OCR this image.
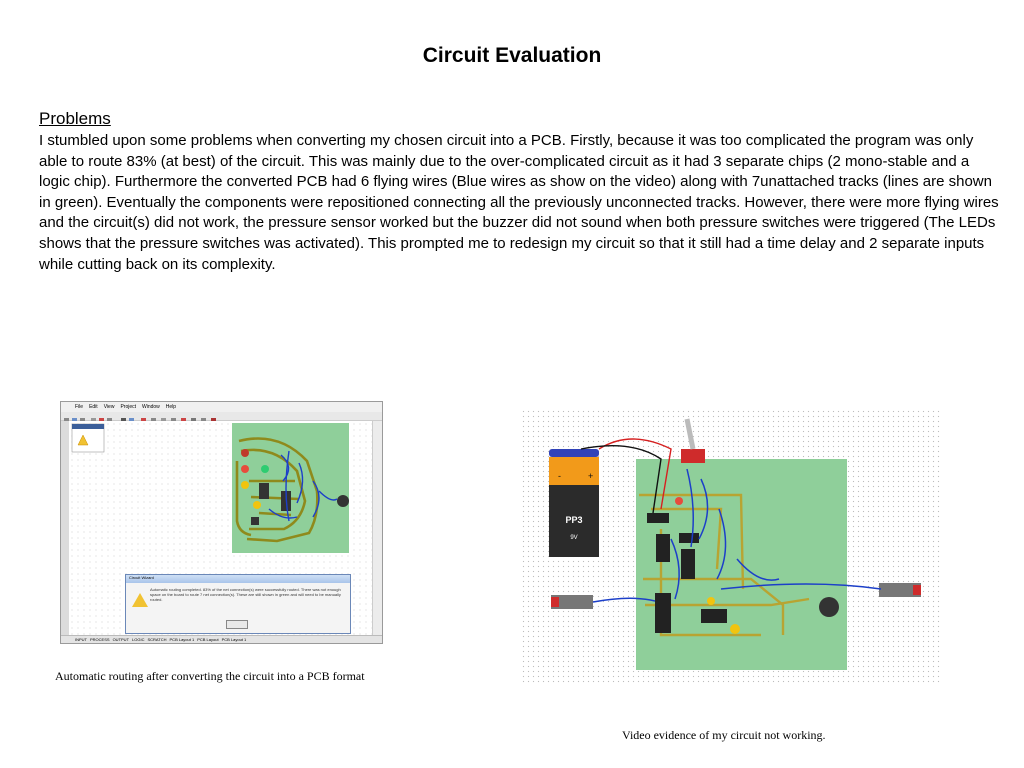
Circuit Evaluation
Problems
I stumbled upon some problems when converting my chosen circuit into a PCB. Firstly, because it was too complicated the program was only able to route 83% (at best) of the circuit. This was mainly due to the over-complicated circuit as it had 3 separate chips (2 mono-stable and a logic chip). Furthermore the converted PCB had 6 flying wires (Blue wires as show on the video) along with 7unattached tracks (lines are shown in green). Eventually the components were repositioned connecting all the previously unconnected tracks. However, there were more flying wires and the circuit(s) did not work, the pressure sensor worked but the buzzer did not sound when both pressure switches were triggered (The LEDs shows that the pressure switches was activated). This prompted me to redesign my circuit so that it still had a time delay and 2 separate inputs while cutting back on its complexity.
File Edit View Project Window Help
Circuit Wizard
Automatic routing completed. 83% of the net connection(s) were successfully routed. There was not enough space on the board to route 7 net connection(s). These are still shown in green and will need to be manually routed.
INPUT PROCESS OUTPUT LOGIC SCRATCH PCB Layout 1 PCB Layout PCB Layout 1
Automatic routing after converting the circuit into a PCB format
PP3
9V
+
-
Video evidence of my circuit not working.
